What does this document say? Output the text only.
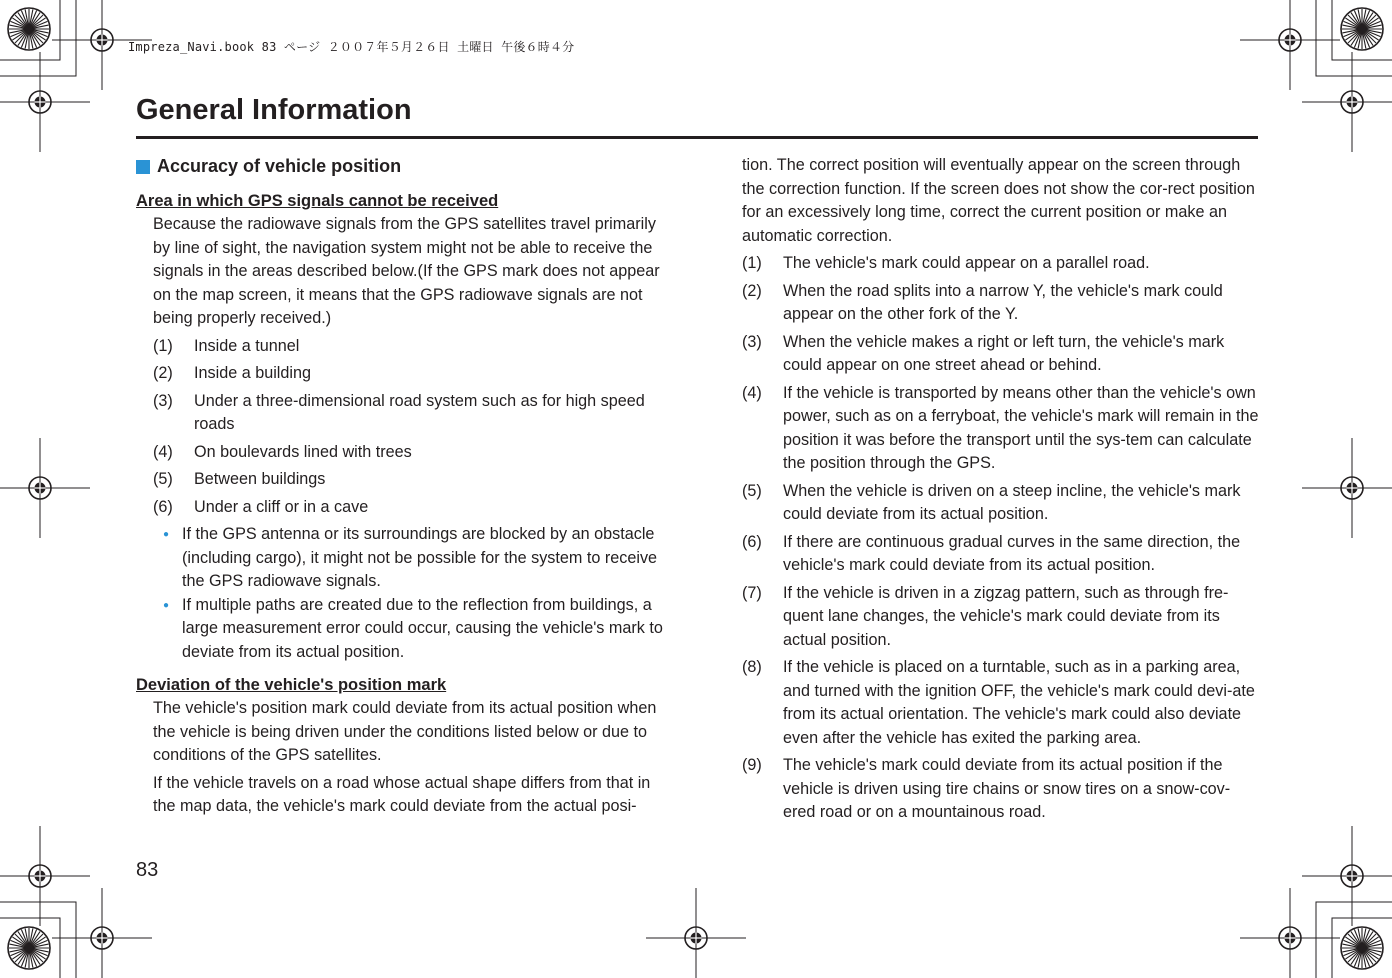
Impreza_Navi.book 83 ページ ２００７年５月２６日 土曜日 午後６時４分
General Information
Accuracy of vehicle position
Area in which GPS signals cannot be received

Because the radiowave signals from the GPS satellites travel primarily by line of sight, the navigation system might not be able to receive the signals in the areas described below.(If the GPS mark does not appear on the map screen, it means that the GPS radiowave signals are not being properly received.)

(1)	Inside a tunnel
(2)	Inside a building
(3)	Under a three-dimensional road system such as for high speed roads
(4)	On boulevards lined with trees
(5)	Between buildings
(6)	Under a cliff or in a cave
● If the GPS antenna or its surroundings are blocked by an obstacle (including cargo), it might not be possible for the system to receive the GPS radiowave signals.
● If multiple paths are created due to the reflection from buildings, a large measurement error could occur, causing the vehicle's mark to deviate from its actual position.
Deviation of the vehicle's position mark

The vehicle's position mark could deviate from its actual position when the vehicle is being driven under the conditions listed below or due to conditions of the GPS satellites.

If the vehicle travels on a road whose actual shape differs from that in the map data, the vehicle's mark could deviate from the actual posi-

tion. The correct position will eventually appear on the screen through the correction function. If the screen does not show the cor-rect position for an excessively long time, correct the current position or make an automatic correction.

(1)	The vehicle's mark could appear on a parallel road.
(2)	When the road splits into a narrow Y, the vehicle's mark could appear on the other fork of the Y.
(3)	When the vehicle makes a right or left turn, the vehicle's mark could appear on one street ahead or behind.
(4)	If the vehicle is transported by means other than the vehicle's own power, such as on a ferryboat, the vehicle's mark will remain in the position it was before the transport until the sys-tem can calculate the position through the GPS.
(5)	When the vehicle is driven on a steep incline, the vehicle's mark could deviate from its actual position.
(6)	If there are continuous gradual curves in the same direction, the vehicle's mark could deviate from its actual position.
(7)	If the vehicle is driven in a zigzag pattern, such as through fre-quent lane changes, the vehicle's mark could deviate from its actual position.
(8)	If the vehicle is placed on a turntable, such as in a parking area, and turned with the ignition OFF, the vehicle's mark could devi-ate from its actual orientation. The vehicle's mark could also deviate even after the vehicle has exited the parking area.
(9)	The vehicle's mark could deviate from its actual position if the vehicle is driven using tire chains or snow tires on a snow-cov-ered road or on a mountainous road.
83
